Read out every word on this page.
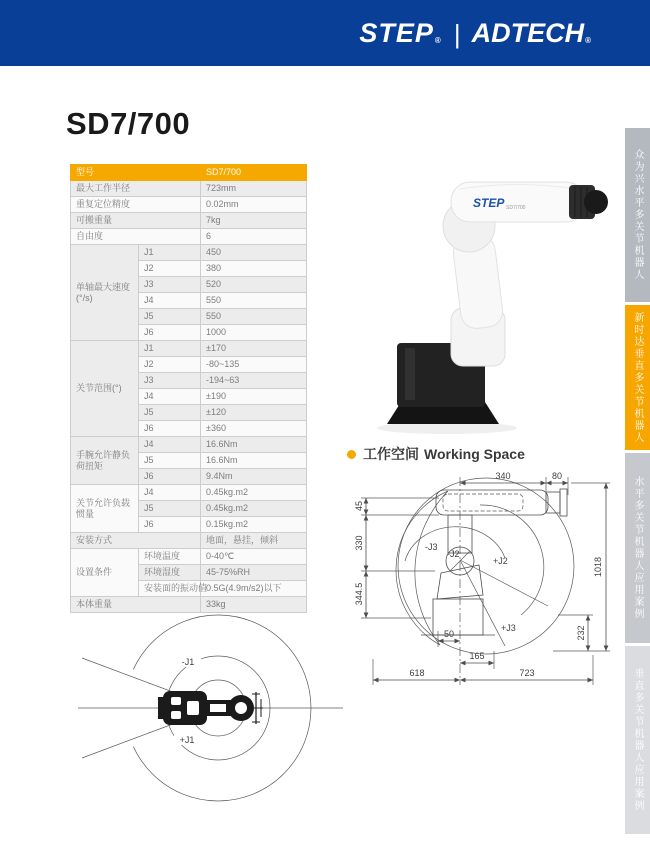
STEP ® | ADTECH ®
SD7/700
型号		SD7/700
最大工作半径		723mm
重复定位精度		0.02mm
可搬重量		7kg
自由度		6
单轴最大速度(°/s)	J1	450
	J2	380
	J3	520
	J4	550
	J5	550
	J6	1000
关节范围(°)	J1	±170
	J2	-80~135
	J3	-194~63
	J4	±190
	J5	±120
	J6	±360
手腕允许静负荷扭矩	J4	16.6Nm
	J5	16.6Nm
	J6	9.4Nm
关节允许负载惯量	J4	0.45kg.m2
	J5	0.45kg.m2
	J6	0.15kg.m2
安装方式		地面，悬挂，倾斜
设置条件	环境温度	0-40℃
	环境湿度	45-75%RH
	安装面的振动值	0.5G(4.9m/s2)以下
本体重量		33kg
STEP SD7/700
工作空间 Working Space
340	80
1018
232
45
330
344.5
50
165
618	723
-J3
-J2
+J2
+J3
-J1
+J1
众为兴水平多关节机器人
新时达垂直多关节机器人
水平多关节机器人应用案例
垂直多关节机器人应用案例
